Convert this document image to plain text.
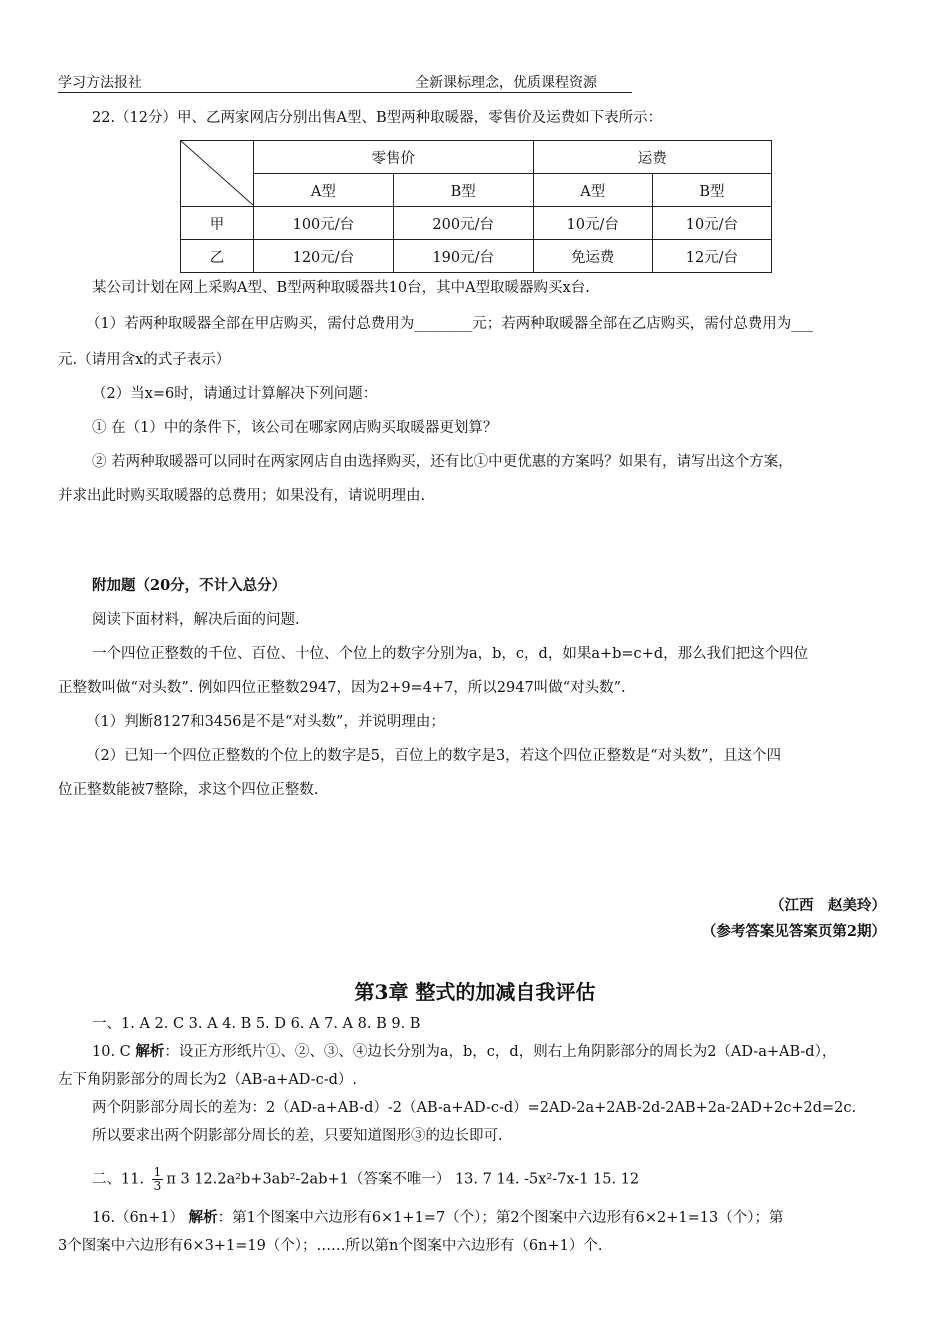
学习方法报社	全新课标理念，优质课程资源
22.（12分）甲、乙两家网店分别出售A型、B型两种取暖器，零售价及运费如下表所示：
	零售价		运费	
	A型	B型	A型	B型
甲	100元/台	200元/台	10元/台	10元/台
乙	120元/台	190元/台	免运费	12元/台
某公司计划在网上采购A型、B型两种取暖器共10台，其中A型取暖器购买x台.
（1）若两种取暖器全部在甲店购买，需付总费用为________元；若两种取暖器全部在乙店购买，需付总费用为___
元.（请用含x的式子表示）
（2）当x=6时，请通过计算解决下列问题：
① 在（1）中的条件下，该公司在哪家网店购买取暖器更划算？
② 若两种取暖器可以同时在两家网店自由选择购买，还有比①中更优惠的方案吗？如果有，请写出这个方案，
并求出此时购买取暖器的总费用；如果没有，请说明理由.
附加题（20分，不计入总分）
阅读下面材料，解决后面的问题.
一个四位正整数的千位、百位、十位、个位上的数字分别为a，b，c，d，如果a+b=c+d，那么我们把这个四位
正整数叫做“对头数”. 例如四位正整数2947，因为2+9=4+7，所以2947叫做“对头数”.
（1）判断8127和3456是不是“对头数”，并说明理由；
（2）已知一个四位正整数的个位上的数字是5，百位上的数字是3，若这个四位正整数是“对头数”，且这个四
位正整数能被7整除，求这个四位正整数.
（江西　赵美玲）
（参考答案见答案页第2期）
第3章 整式的加减自我评估
一、1. A 2. C 3. A 4. B 5. D 6. A 7. A 8. B 9. B
10. C 解析：设正方形纸片①、②、③、④边长分别为a，b，c，d，则右上角阴影部分的周长为2（AD-a+AB-d），
左下角阴影部分的周长为2（AB-a+AD-c-d）.
两个阴影部分周长的差为：2（AD-a+AB-d）-2（AB-a+AD-c-d）=2AD-2a+2AB-2d-2AB+2a-2AD+2c+2d=2c.
所以要求出两个阴影部分周长的差，只要知道图形③的边长即可.
二、11. $\frac{1}{3}$ π 3 12.2a²b+3ab²-2ab+1（答案不唯一） 13. 7 14. -5x²-7x-1 15. 12
16.（6n+1） 解析：第1个图案中六边形有6×1+1=7（个）；第2个图案中六边形有6×2+1=13（个）；第
3个图案中六边形有6×3+1=19（个）；……所以第n个图案中六边形有（6n+1）个.
